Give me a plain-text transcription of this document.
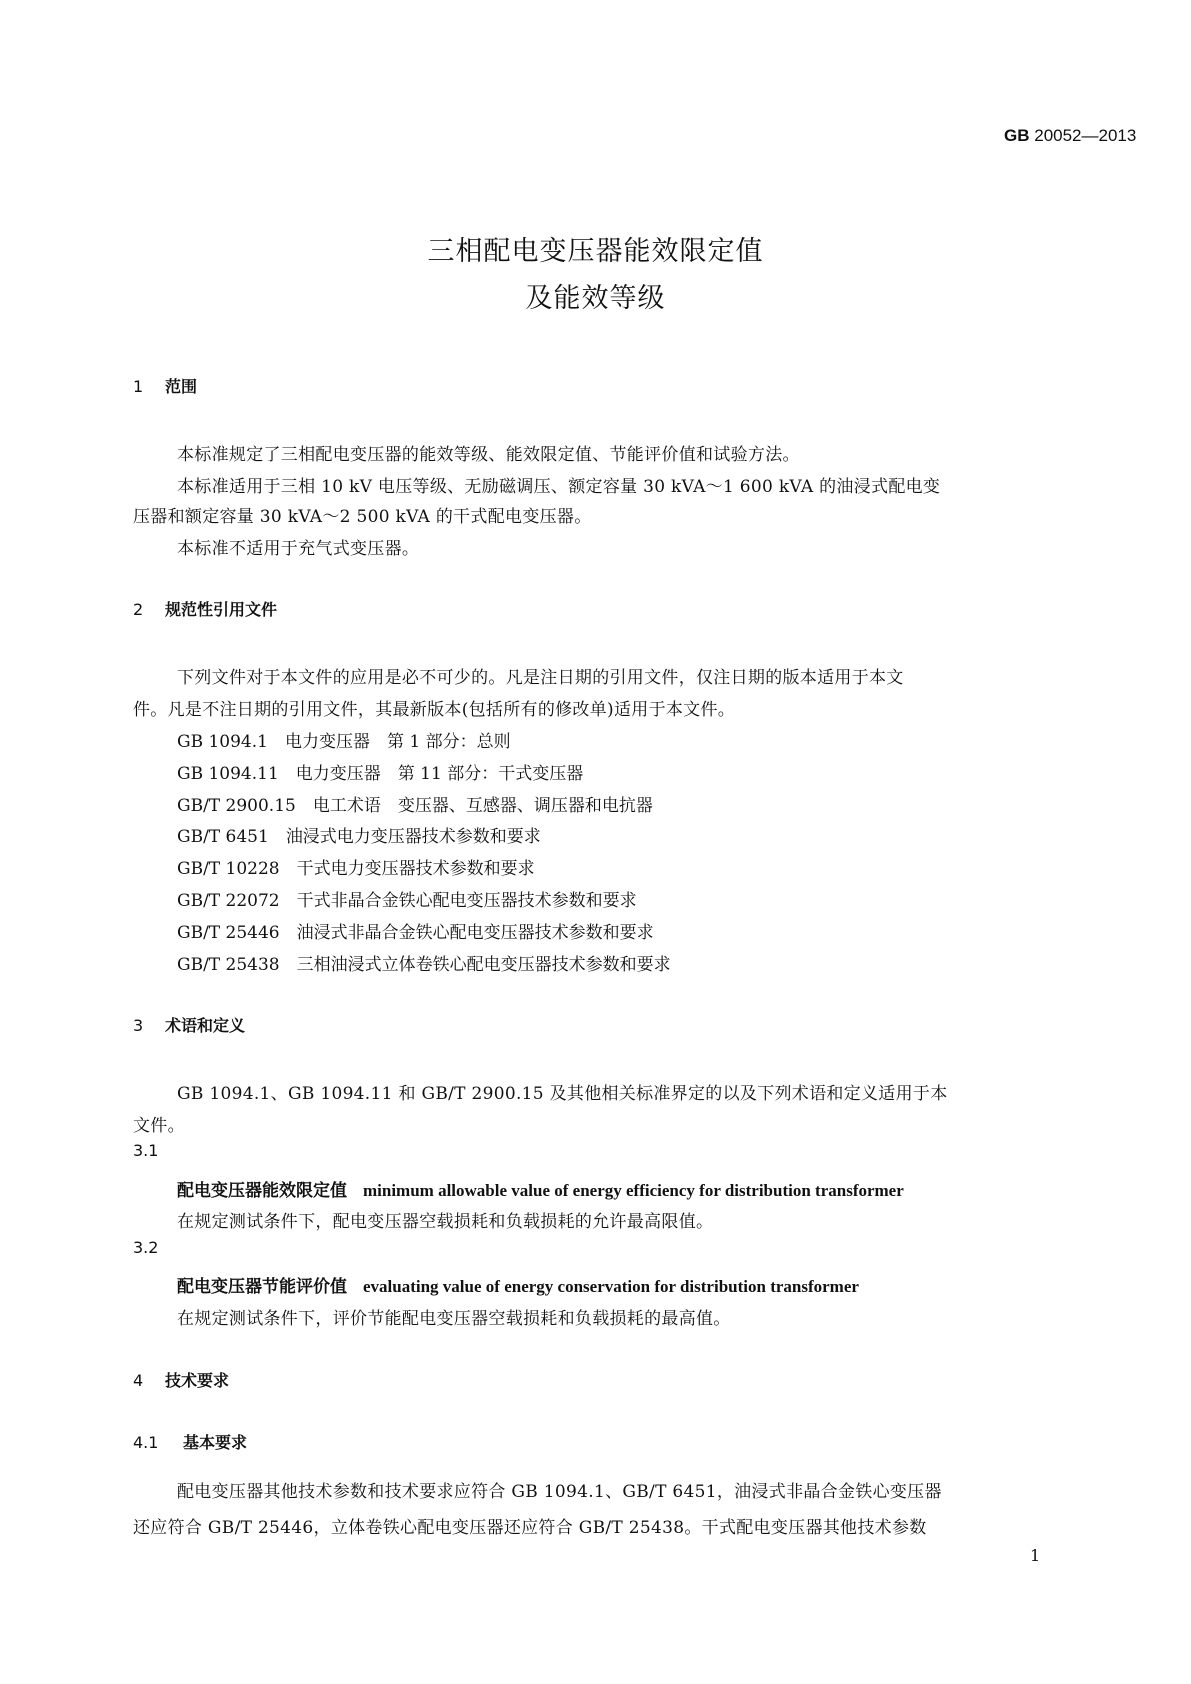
GB 20052—2013
三相配电变压器能效限定值
及能效等级
1 范围
本标准规定了三相配电变压器的能效等级、能效限定值、节能评价值和试验方法。
本标准适用于三相 10 kV 电压等级、无励磁调压、额定容量 30 kVA～1 600 kVA 的油浸式配电变
压器和额定容量 30 kVA～2 500 kVA 的干式配电变压器。
本标准不适用于充气式变压器。
2 规范性引用文件
下列文件对于本文件的应用是必不可少的。凡是注日期的引用文件，仅注日期的版本适用于本文
件。凡是不注日期的引用文件，其最新版本(包括所有的修改单)适用于本文件。
GB 1094.1　 电力变压器　第 1 部分：总则
GB 1094.11　 电力变压器　第 11 部分：干式变压器
GB/T 2900.15　 电工术语　变压器、互感器、调压器和电抗器
GB/T 6451　 油浸式电力变压器技术参数和要求
GB/T 10228　 干式电力变压器技术参数和要求
GB/T 22072　 干式非晶合金铁心配电变压器技术参数和要求
GB/T 25446　 油浸式非晶合金铁心配电变压器技术参数和要求
GB/T 25438　 三相油浸式立体卷铁心配电变压器技术参数和要求
3 术语和定义
GB 1094.1、GB 1094.11 和 GB/T 2900.15 及其他相关标准界定的以及下列术语和定义适用于本
文件。
3.1
配电变压器能效限定值 minimum allowable value of energy efficiency for distribution transformer
在规定测试条件下，配电变压器空载损耗和负载损耗的允许最高限值。
3.2
配电变压器节能评价值 evaluating value of energy conservation for distribution transformer
在规定测试条件下，评价节能配电变压器空载损耗和负载损耗的最高值。
4 技术要求
4.1 基本要求
配电变压器其他技术参数和技术要求应符合 GB 1094.1、GB/T 6451，油浸式非晶合金铁心变压器
还应符合 GB/T 25446，立体卷铁心配电变压器还应符合 GB/T 25438。干式配电变压器其他技术参数
1
